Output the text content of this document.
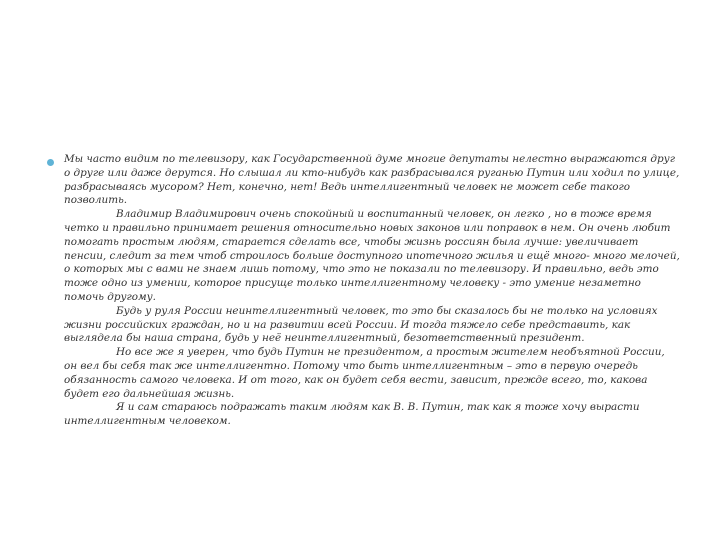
Мы часто видим по телевизору, как Государственной думе многие депутаты нелестно выражаются друг о друге или даже дерутся. Но слышал ли кто-нибудь как разбрасывался руганью Путин или ходил по улице, разбрасываясь мусором? Нет, конечно, нет! Ведь интеллигентный человек не может себе такого позволить.

Владимир Владимирович очень спокойный и воспитанный человек, он легко , но в тоже время четко и правильно принимает решения относительно новых законов или поправок в нем. Он очень любит помогать простым людям, старается сделать все, чтобы жизнь россиян была лучше: увеличивает пенсии, следит за тем чтоб строилось больше доступного ипотечного жилья и ещё много- много мелочей, о которых мы с вами не знаем лишь потому, что это не показали по телевизору. И правильно, ведь это тоже одно из умении, которое присуще только интеллигентному человеку - это умение незаметно помочь другому.

Будь у руля России неинтеллигентный человек, то это бы сказалось бы не только на условиях жизни российских граждан, но и на развитии всей России. И тогда тяжело себе представить, как выглядела бы наша страна, будь у неё неинтеллигентный, безответственный президент.

Но все же я уверен, что будь Путин не президентом, а простым жителем необъятной России, он вел бы себя так же интеллигентно. Потому что быть интеллигентным – это в первую очередь обязанность самого человека. И от того, как он будет себя вести, зависит, прежде всего, то, какова будет его дальнейшая жизнь.

Я и сам стараюсь подражать таким людям как В. В. Путин, так как я тоже хочу вырасти интеллигентным человеком.
